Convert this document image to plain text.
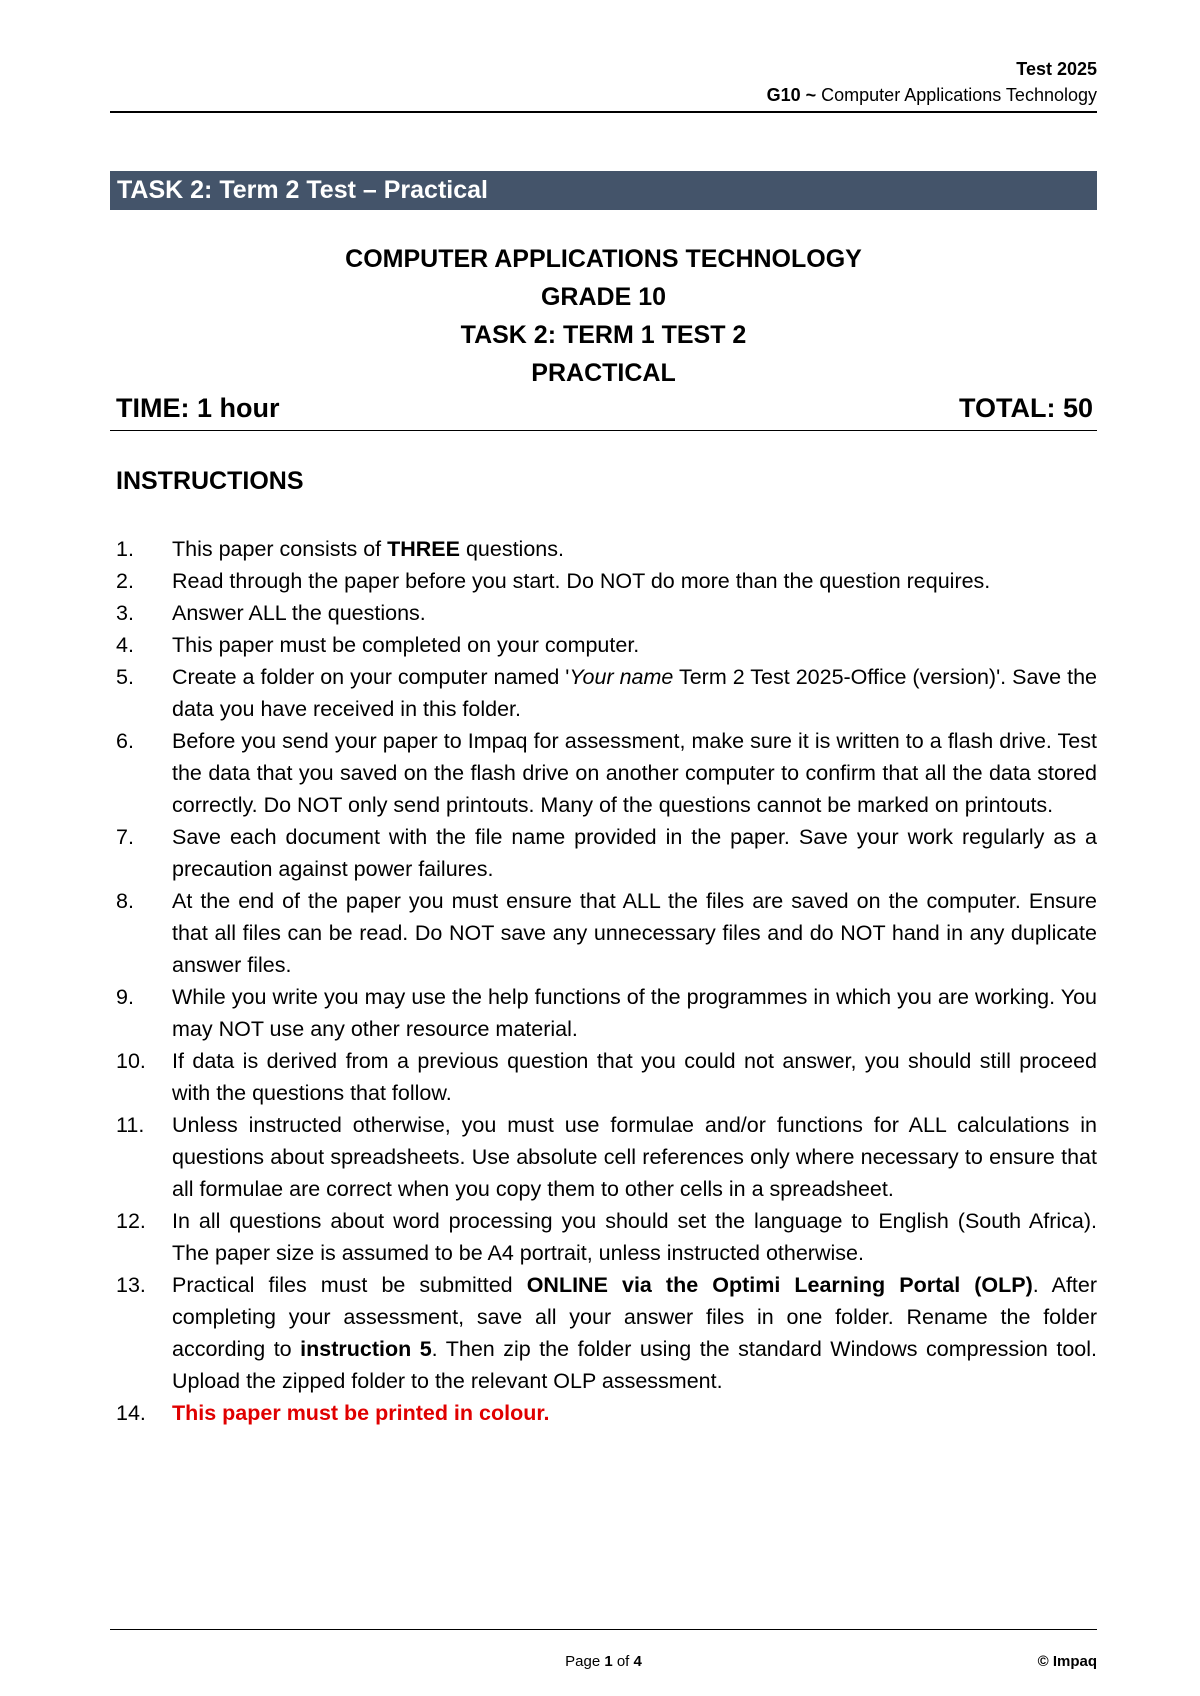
Test 2025
G10 ~ Computer Applications Technology
TASK 2: Term 2 Test – Practical
COMPUTER APPLICATIONS TECHNOLOGY
GRADE 10
TASK 2: TERM 1 TEST 2
PRACTICAL
TIME: 1 hour	TOTAL: 50
INSTRUCTIONS
1. This paper consists of THREE questions.
2. Read through the paper before you start. Do NOT do more than the question requires.
3. Answer ALL the questions.
4. This paper must be completed on your computer.
5. Create a folder on your computer named 'Your name Term 2 Test 2025-Office (version)'. Save the data you have received in this folder.
6. Before you send your paper to Impaq for assessment, make sure it is written to a flash drive. Test the data that you saved on the flash drive on another computer to confirm that all the data stored correctly. Do NOT only send printouts. Many of the questions cannot be marked on printouts.
7. Save each document with the file name provided in the paper. Save your work regularly as a precaution against power failures.
8. At the end of the paper you must ensure that ALL the files are saved on the computer. Ensure that all files can be read. Do NOT save any unnecessary files and do NOT hand in any duplicate answer files.
9. While you write you may use the help functions of the programmes in which you are working. You may NOT use any other resource material.
10. If data is derived from a previous question that you could not answer, you should still proceed with the questions that follow.
11. Unless instructed otherwise, you must use formulae and/or functions for ALL calculations in questions about spreadsheets. Use absolute cell references only where necessary to ensure that all formulae are correct when you copy them to other cells in a spreadsheet.
12. In all questions about word processing you should set the language to English (South Africa). The paper size is assumed to be A4 portrait, unless instructed otherwise.
13. Practical files must be submitted ONLINE via the Optimi Learning Portal (OLP). After completing your assessment, save all your answer files in one folder. Rename the folder according to instruction 5. Then zip the folder using the standard Windows compression tool. Upload the zipped folder to the relevant OLP assessment.
14. This paper must be printed in colour.
Page 1 of 4	© Impaq
